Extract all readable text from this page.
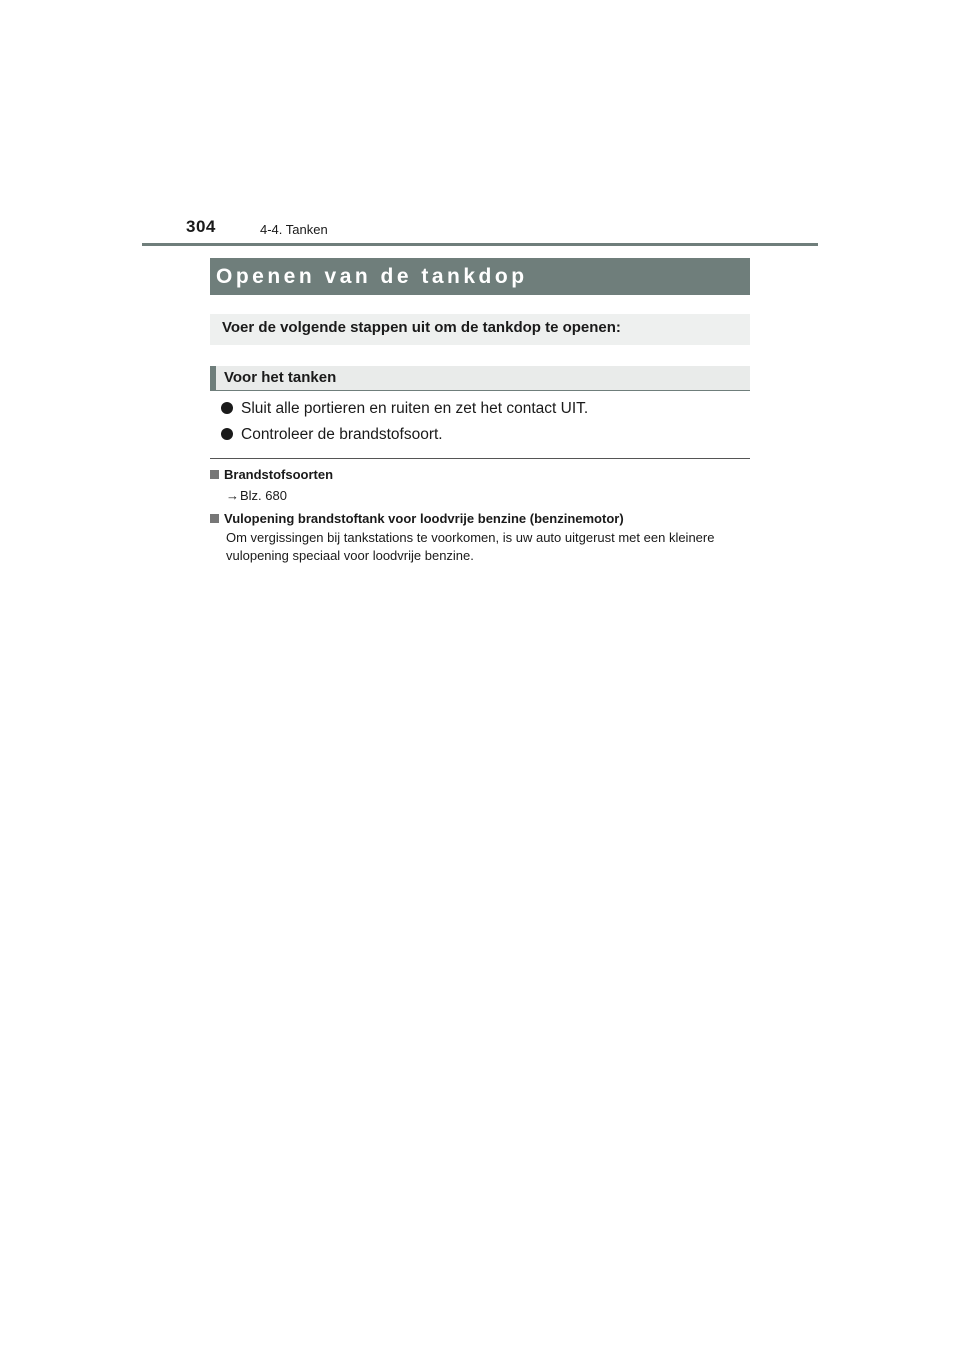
304	4-4. Tanken
Openen van de tankdop
Voer de volgende stappen uit om de tankdop te openen:
Voor het tanken
Sluit alle portieren en ruiten en zet het contact UIT.
Controleer de brandstofsoort.
Brandstofsoorten
→Blz. 680
Vulopening brandstoftank voor loodvrije benzine (benzinemotor)
Om vergissingen bij tankstations te voorkomen, is uw auto uitgerust met een kleinere vulopening speciaal voor loodvrije benzine.
